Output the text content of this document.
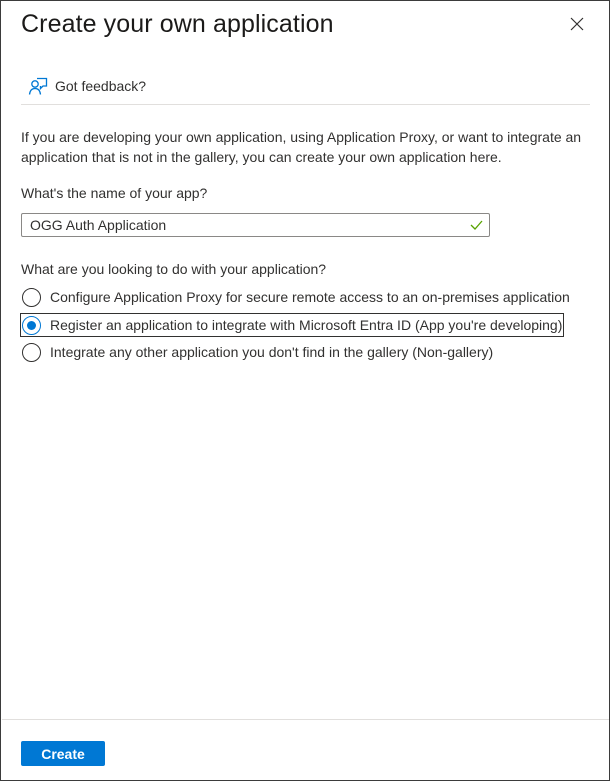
Create your own application
Got feedback?

If you are developing your own application, using Application Proxy, or want to integrate an application that is not in the gallery, you can create your own application here.

What's the name of your app?
OGG Auth Application
What are you looking to do with your application?
Configure Application Proxy for secure remote access to an on-premises application
Register an application to integrate with Microsoft Entra ID (App you're developing)
Integrate any other application you don't find in the gallery (Non-gallery)
Create
